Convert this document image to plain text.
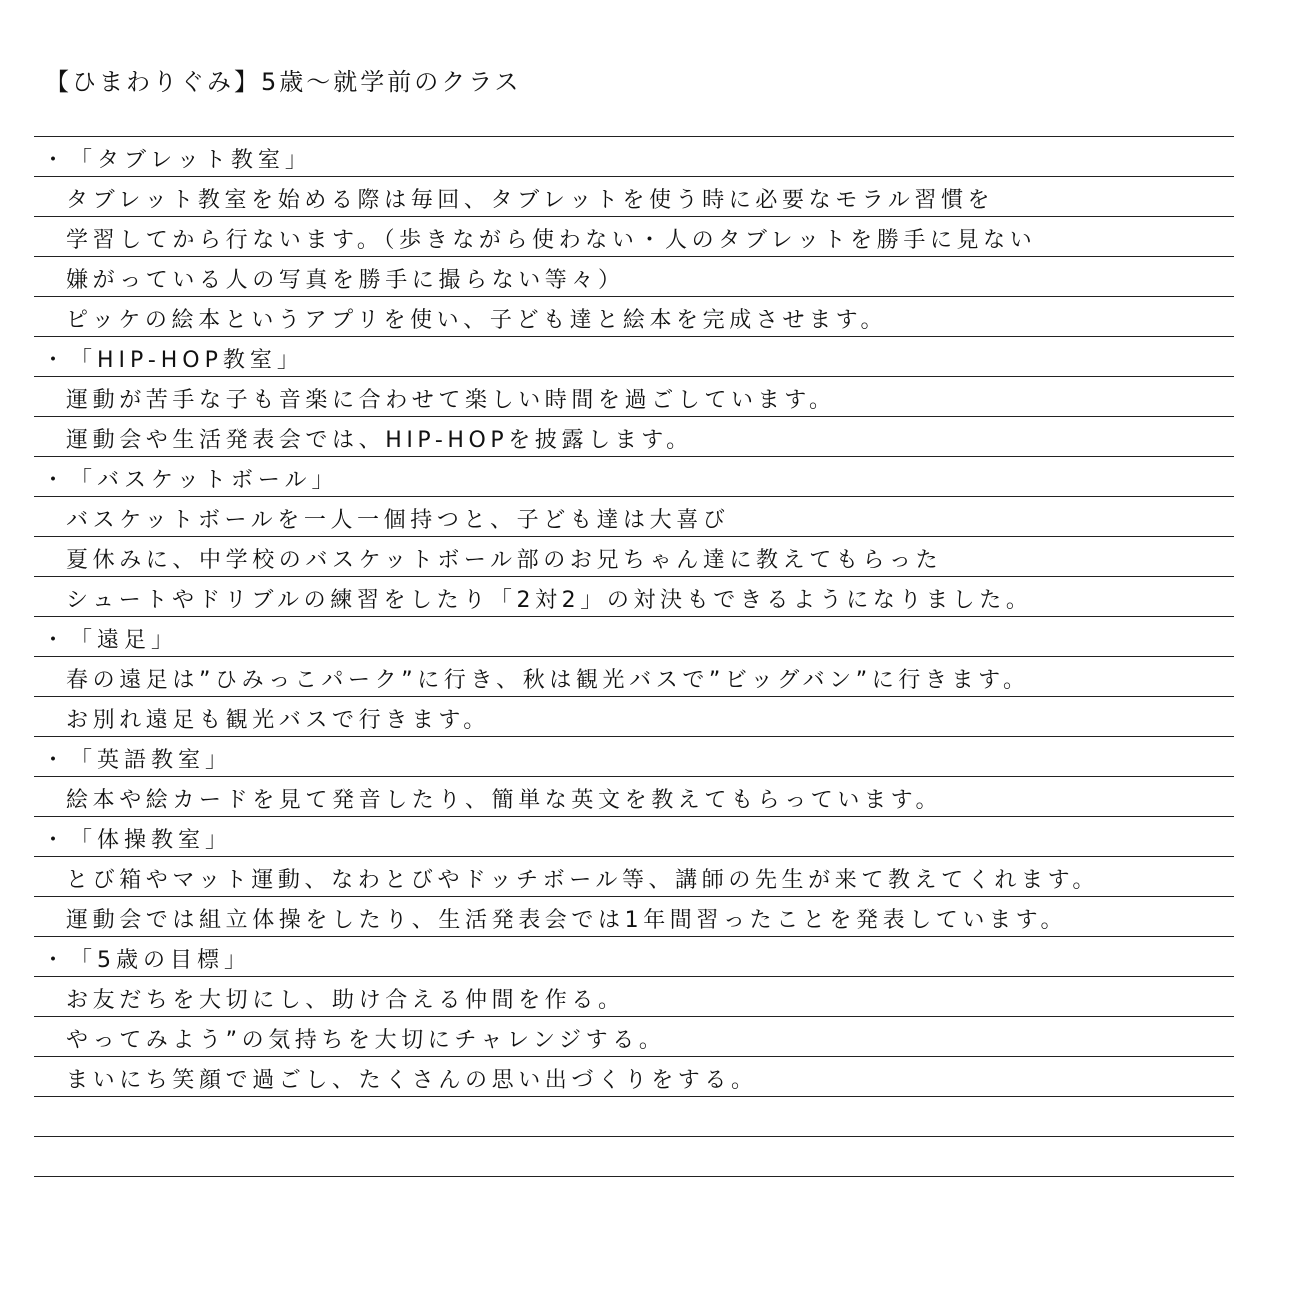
【ひまわりぐみ】5歳〜就学前のクラス
・「タブレット教室」
タブレット教室を始める際は毎回、タブレットを使う時に必要なモラル習慣を
学習してから行ないます。（歩きながら使わない・人のタブレットを勝手に見ない
嫌がっている人の写真を勝手に撮らない等々）
ピッケの絵本というアプリを使い、子ども達と絵本を完成させます。
・「HIP-HOP教室」
運動が苦手な子も音楽に合わせて楽しい時間を過ごしています。
運動会や生活発表会では、HIP-HOPを披露します。
・「バスケットボール」
バスケットボールを一人一個持つと、子ども達は大喜び
夏休みに、中学校のバスケットボール部のお兄ちゃん達に教えてもらった
シュートやドリブルの練習をしたり「2対2」の対決もできるようになりました。
・「遠足」
春の遠足は”ひみっこパーク”に行き、秋は観光バスで”ビッグバン”に行きます。
お別れ遠足も観光バスで行きます。
・「英語教室」
絵本や絵カードを見て発音したり、簡単な英文を教えてもらっています。
・「体操教室」
とび箱やマット運動、なわとびやドッチボール等、講師の先生が来て教えてくれます。
運動会では組立体操をしたり、生活発表会では1年間習ったことを発表しています。
・「5歳の目標」
お友だちを大切にし、助け合える仲間を作る。
やってみよう”の気持ちを大切にチャレンジする。
まいにち笑顔で過ごし、たくさんの思い出づくりをする。
